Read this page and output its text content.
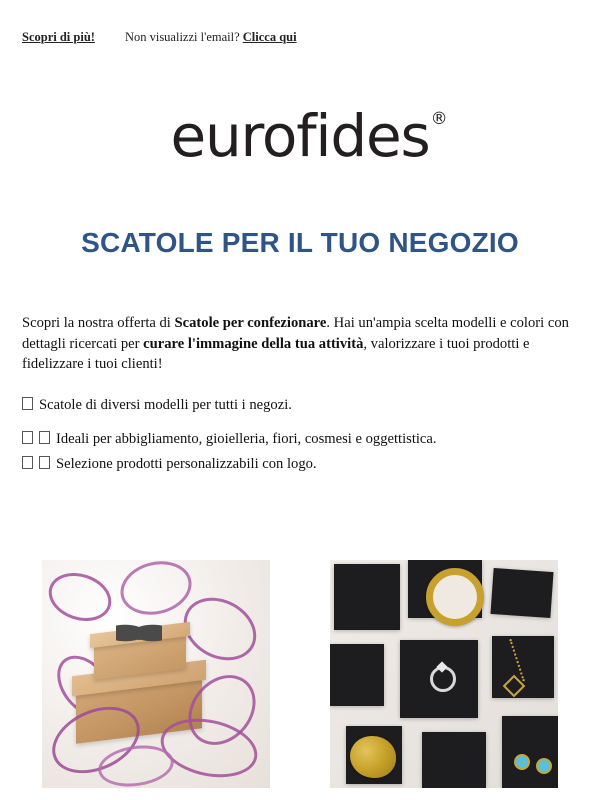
Scopri di più! Non visualizzi l'email? Clicca qui
eurofides ®
SCATOLE PER IL TUO NEGOZIO
Scopri la nostra offerta di Scatole per confezionare. Hai un'ampia scelta modelli e colori con dettagli ricercati per curare l'immagine della tua attività, valorizzare i tuoi prodotti e fidelizzare i tuoi clienti!
Scatole di diversi modelli per tutti i negozi.
Ideali per abbigliamento, gioielleria, fiori, cosmesi e oggettistica.
Selezione prodotti personalizzabili con logo.
